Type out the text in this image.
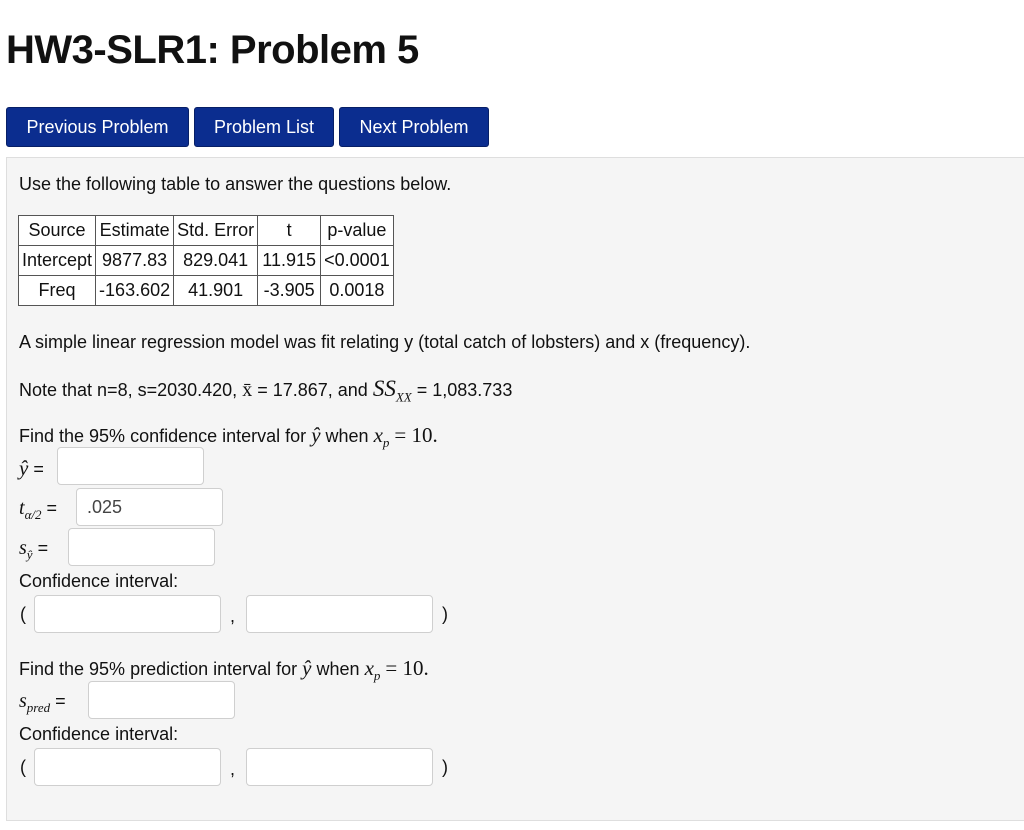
HW3-SLR1: Problem 5
Previous Problem	Problem List	Next Problem
Use the following table to answer the questions below.
Source	Estimate	Std. Error	t	p-value
Intercept	9877.83	829.041	11.915	<0.0001
Freq	-163.602	41.901	-3.905	0.0018
A simple linear regression model was fit relating y (total catch of lobsters) and x (frequency).
Note that n=8, s=2030.420, x̄ = 17.867, and $SS_{XX} = 1,083.733$
Find the 95% confidence interval for ŷ when $x_p = 10$.
ŷ =
$t_{\alpha/2}$ =
.025
$s_ŷ$ =
Confidence interval:
(	,	)
Find the 95% prediction interval for ŷ when $x_p = 10$.
$s_{pred}$ =
Confidence interval:
(	,	)
